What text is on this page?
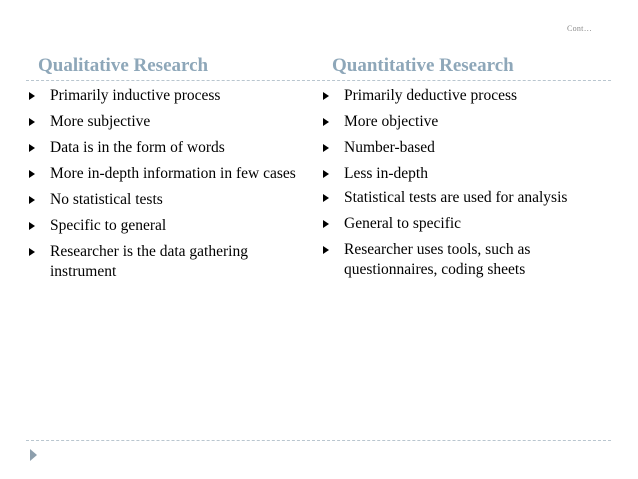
Cont…
Qualitative Research
Primarily inductive process
More subjective
Data is in the form of words
More in-depth information in few cases
No statistical tests
Specific to general
Researcher is the data gathering instrument
Quantitative Research
Primarily deductive process
More objective
Number-based
Less in-depth
Statistical tests are used for analysis
General to specific
Researcher uses tools, such as questionnaires, coding sheets
